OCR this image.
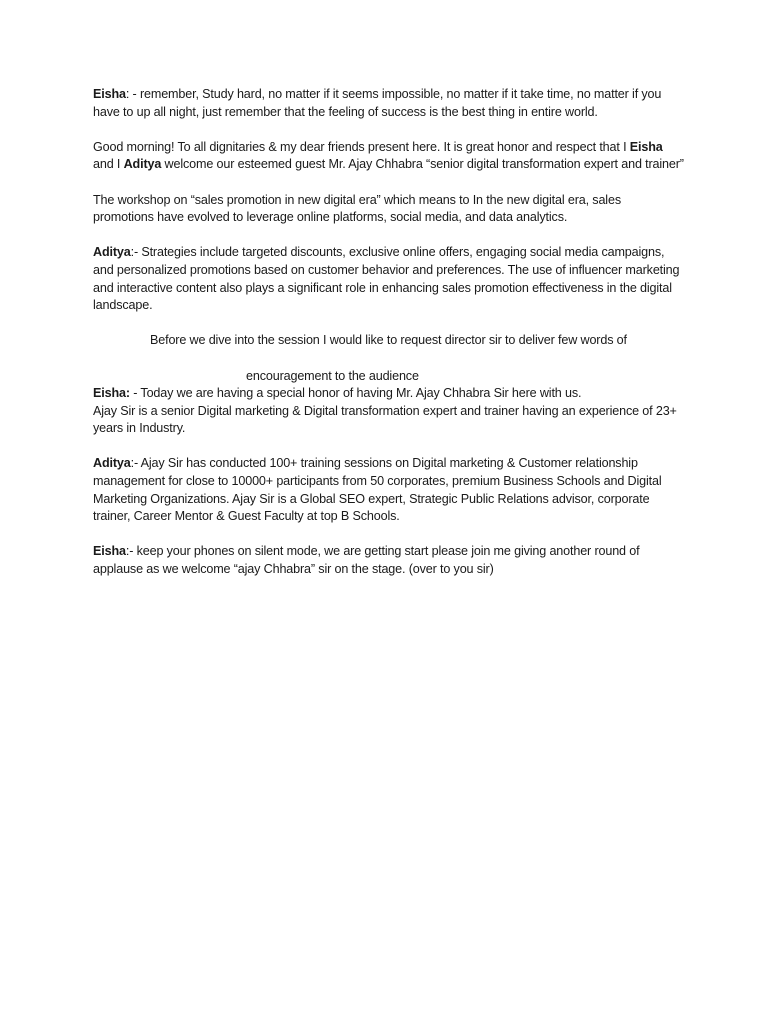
Eisha: - remember, Study hard, no matter if it seems impossible, no matter if it take time, no matter if you have to up all night, just remember that the feeling of success is the best thing in entire world.

Good morning! To all dignitaries & my dear friends present here. It is great honor and respect that I Eisha and I Aditya welcome our esteemed guest Mr. Ajay Chhabra “senior digital transformation expert and trainer”

The workshop on “sales promotion in new digital era” which means to In the new digital era, sales promotions have evolved to leverage online platforms, social media, and data analytics.

Aditya:- Strategies include targeted discounts, exclusive online offers, engaging social media campaigns, and personalized promotions based on customer behavior and preferences. The use of influencer marketing and interactive content also plays a significant role in enhancing sales promotion effectiveness in the digital landscape.

Before we dive into the session I would like to request director sir to deliver few words of

encouragement to the audience

Eisha: - Today we are having a special honor of having Mr. Ajay Chhabra Sir here with us.

Ajay Sir is a senior Digital marketing & Digital transformation expert and trainer having an experience of 23+ years in Industry.

Aditya:- Ajay Sir has conducted 100+ training sessions on Digital marketing & Customer relationship management for close to 10000+ participants from 50 corporates, premium Business Schools and Digital Marketing Organizations. Ajay Sir is a Global SEO expert, Strategic Public Relations advisor, corporate trainer, Career Mentor & Guest Faculty at top B Schools.

Eisha:- keep your phones on silent mode, we are getting start please join me giving another round of applause as we welcome “ajay Chhabra” sir on the stage. (over to you sir)
